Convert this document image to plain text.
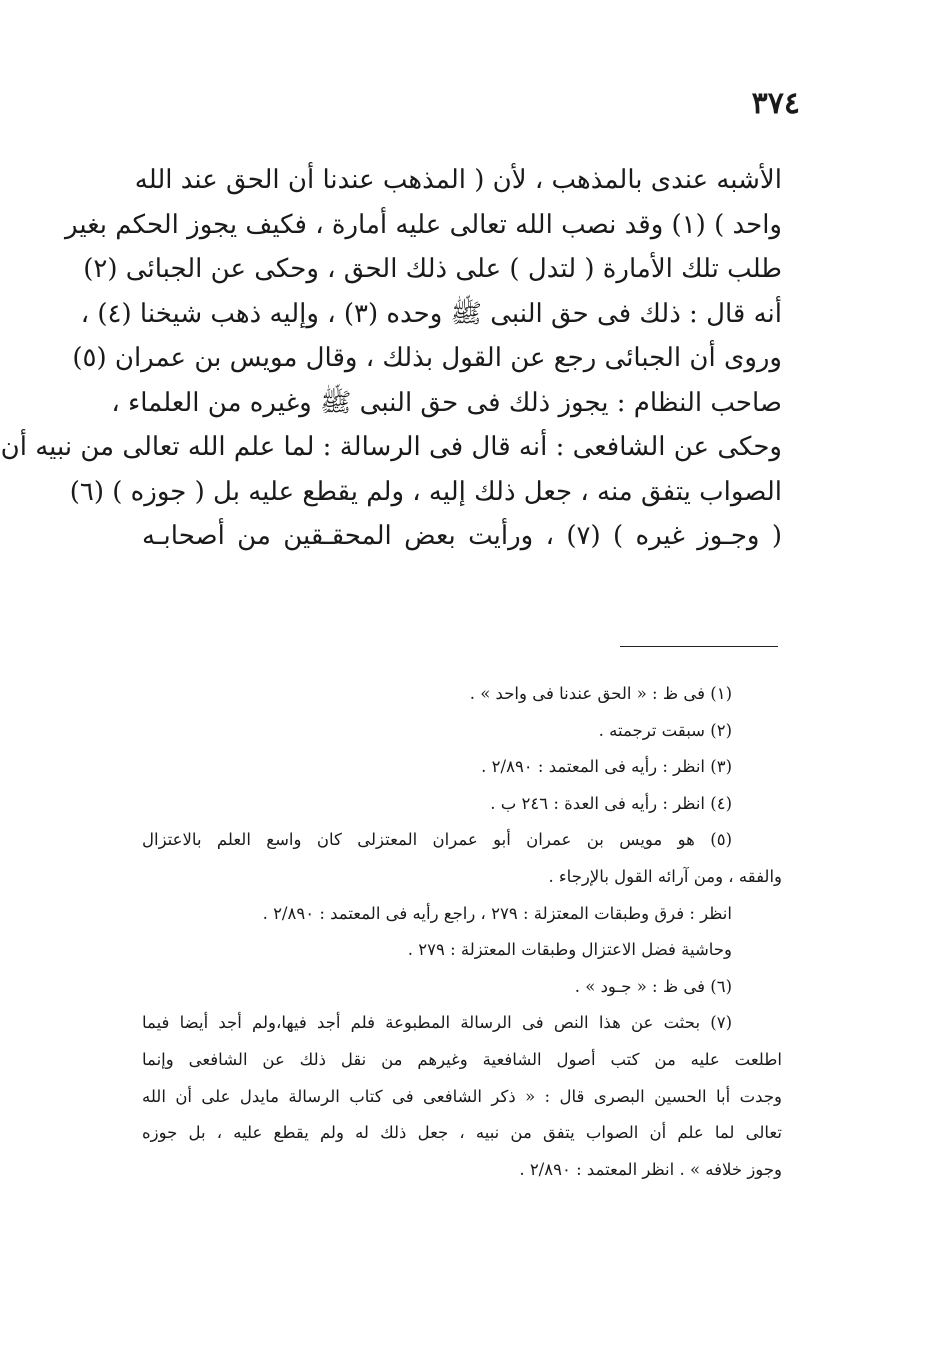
٣٧٤
الأشبه عندى بالمذهب ، لأن ( المذهب عندنا أن الحق عند الله
واحد ) (١) وقد نصب الله تعالى عليه أمارة ، فكيف يجوز الحكم بغير
طلب تلك الأمارة ( لتدل ) على ذلك الحق ، وحكى عن الجبائى (٢)
أنه قال : ذلك فى حق النبى ﷺ وحده (٣) ، وإليه ذهب شيخنا (٤) ،
وروى أن الجبائى رجع عن القول بذلك ، وقال مويس بن عمران (٥)
صاحب النظام : يجوز ذلك فى حق النبى ﷺ وغيره من العلماء ،
وحكى عن الشافعى : أنه قال فى الرسالة : لما علم الله تعالى من نبيه أن
الصواب يتفق منه ، جعل ذلك إليه ، ولم يقطع عليه بل ( جوزه ) (٦)
( وجـوز غيره ) (٧) ، ورأيت بعض المحقـقين من أصحابـه
(١) فى ظ : « الحق عندنا فى واحد » .
(٢) سبقت ترجمته .
(٣) انظر : رأيه فى المعتمد : ٢/٨٩٠ .
(٤) انظر : رأيه فى العدة : ٢٤٦ ب .
(٥) هو مويس بن عمران أبو عمران المعتزلى كان واسع العلم بالاعتزال
والفقه ، ومن آرائه القول بالإرجاء .
انظر : فرق وطبقات المعتزلة : ٢٧٩ ، راجع رأيه فى المعتمد : ٢/٨٩٠ .
وحاشية فضل الاعتزال وطبقات المعتزلة : ٢٧٩ .
(٦) فى ظ : « جـود » .
(٧) بحثت عن هذا النص فى الرسالة المطبوعة فلم أجد فيها،ولم أجد أيضا فيما
اطلعت عليه من كتب أصول الشافعية وغيرهم من نقل ذلك عن الشافعى وإنما
وجدت أبا الحسين البصرى قال : « ذكر الشافعى فى كتاب الرسالة مايدل على أن الله
تعالى لما علم أن الصواب يتفق من نبيه ، جعل ذلك له ولم يقطع عليه ، بل جوزه
وجوز خلافه » . انظر المعتمد : ٢/٨٩٠ .
